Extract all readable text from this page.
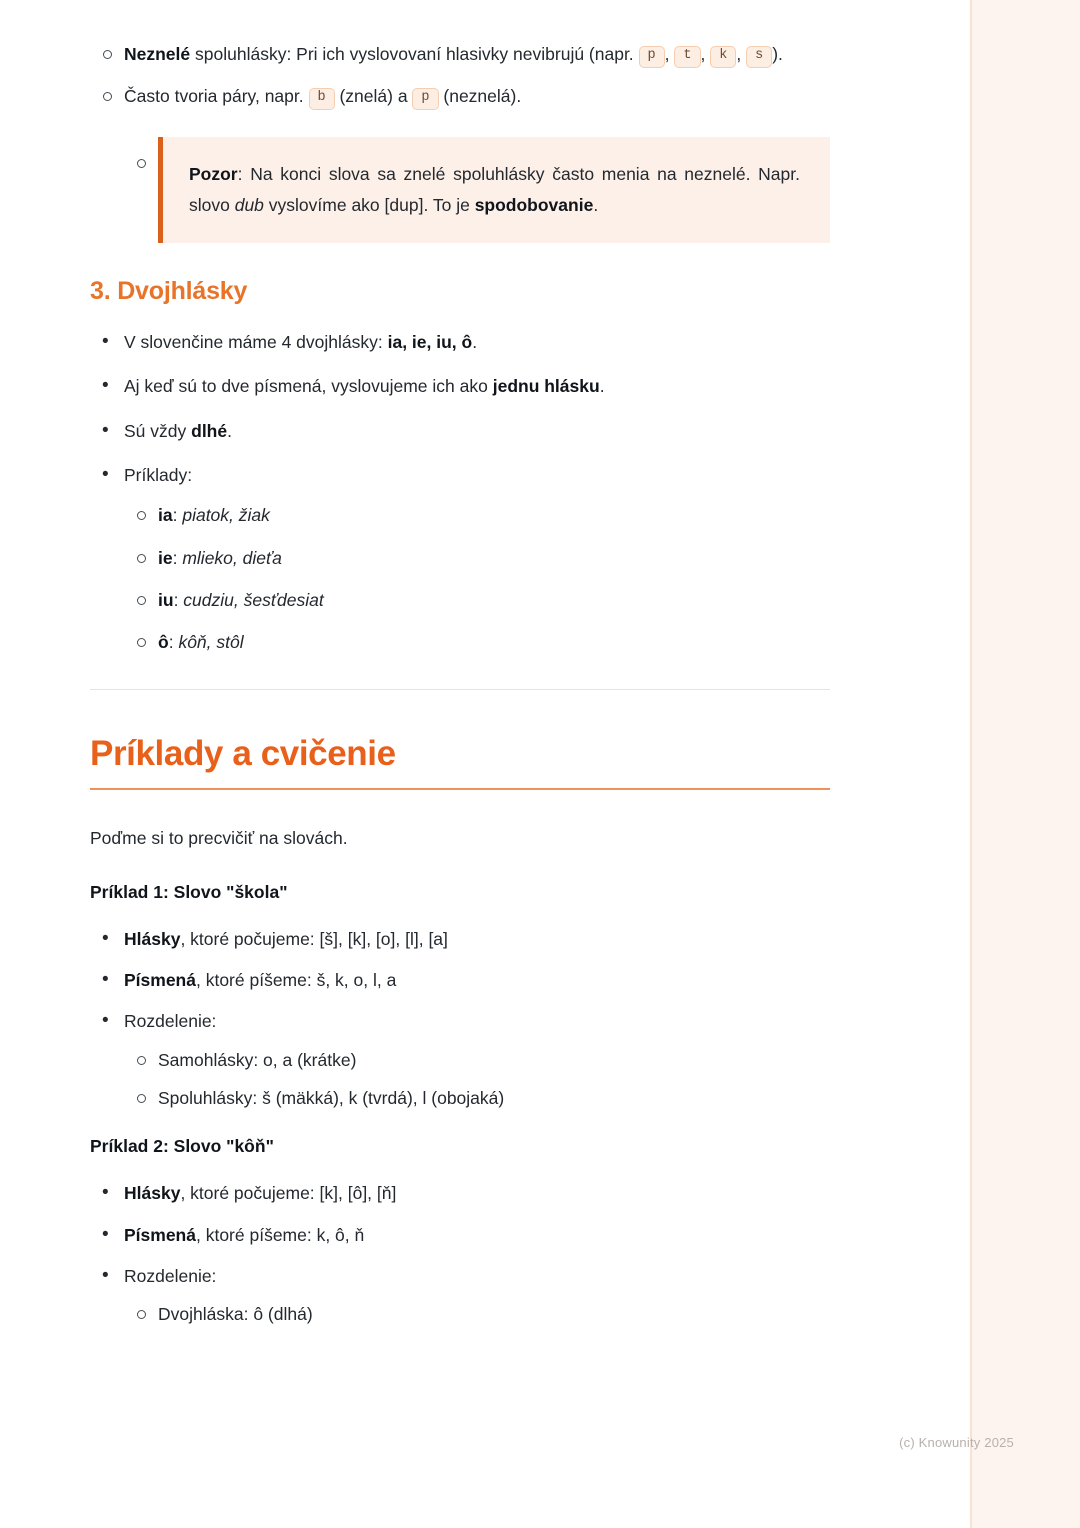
Neznelé spoluhlásky: Pri ich vyslovovaní hlasivky nevibrujú (napr. p , t , k , s ).
Často tvoria páry, napr. b (znelá) a p (neznelá).
Pozor: Na konci slova sa znelé spoluhlásky často menia na neznelé. Napr. slovo dub vyslovíme ako [dup]. To je spodobovanie.
3. Dvojhlásky
• V slovenčine máme 4 dvojhlásky: ia, ie, iu, ô.
• Aj keď sú to dve písmená, vyslovujeme ich ako jednu hlásku.
• Sú vždy dlhé.
• Príklady:
ia: piatok, žiak
ie: mlieko, dieťa
iu: cudziu, šesťdesiat
ô: kôň, stôl
Príklady a cvičenie

Poďme si to precvičiť na slovách.

Príklad 1: Slovo "škola"

• Hlásky, ktoré počujeme: [š], [k], [o], [l], [a]
• Písmená, ktoré píšeme: š, k, o, l, a
• Rozdelenie:
Samohlásky: o, a (krátke)
Spoluhlásky: š (mäkká), k (tvrdá), l (obojaká)

Príklad 2: Slovo "kôň"

• Hlásky, ktoré počujeme: [k], [ô], [ň]
• Písmená, ktoré píšeme: k, ô, ň
• Rozdelenie:
Dvojhláska: ô (dlhá)
(c) Knowunity 2025
